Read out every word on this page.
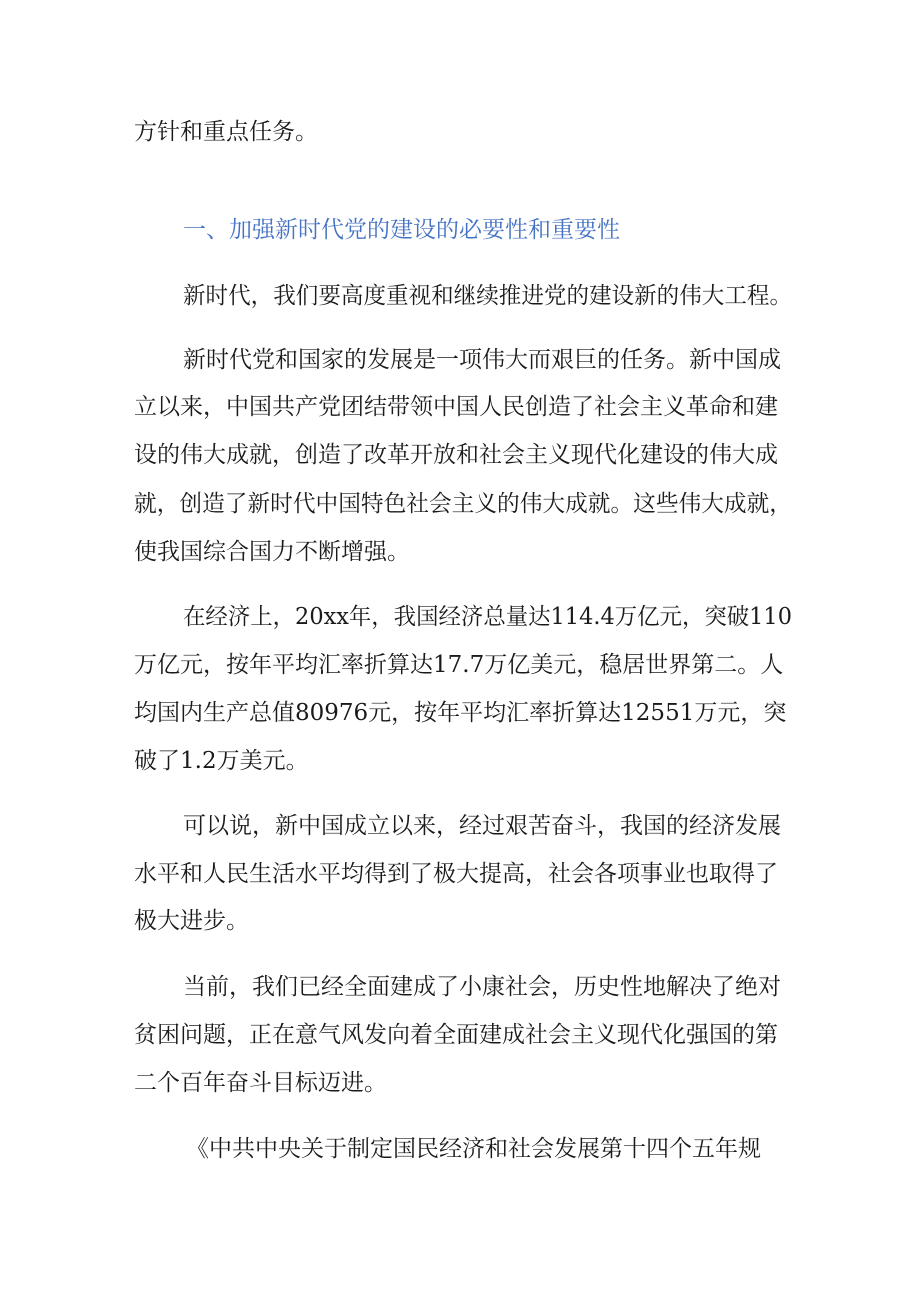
方针和重点任务。

一、加强新时代党的建设的必要性和重要性

新时代，我们要高度重视和继续推进党的建设新的伟大工程。

新时代党和国家的发展是一项伟大而艰巨的任务。新中国成

立以来，中国共产党团结带领中国人民创造了社会主义革命和建

设的伟大成就，创造了改革开放和社会主义现代化建设的伟大成

就，创造了新时代中国特色社会主义的伟大成就。这些伟大成就，

使我国综合国力不断增强。

在经济上，20xx年，我国经济总量达114.4万亿元，突破110

万亿元，按年平均汇率折算达17.7万亿美元，稳居世界第二。人

均国内生产总值80976元，按年平均汇率折算达12551万元，突

破了1.2万美元。

可以说，新中国成立以来，经过艰苦奋斗，我国的经济发展

水平和人民生活水平均得到了极大提高，社会各项事业也取得了

极大进步。

当前，我们已经全面建成了小康社会，历史性地解决了绝对

贫困问题，正在意气风发向着全面建成社会主义现代化强国的第

二个百年奋斗目标迈进。

《中共中央关于制定国民经济和社会发展第十四个五年规
